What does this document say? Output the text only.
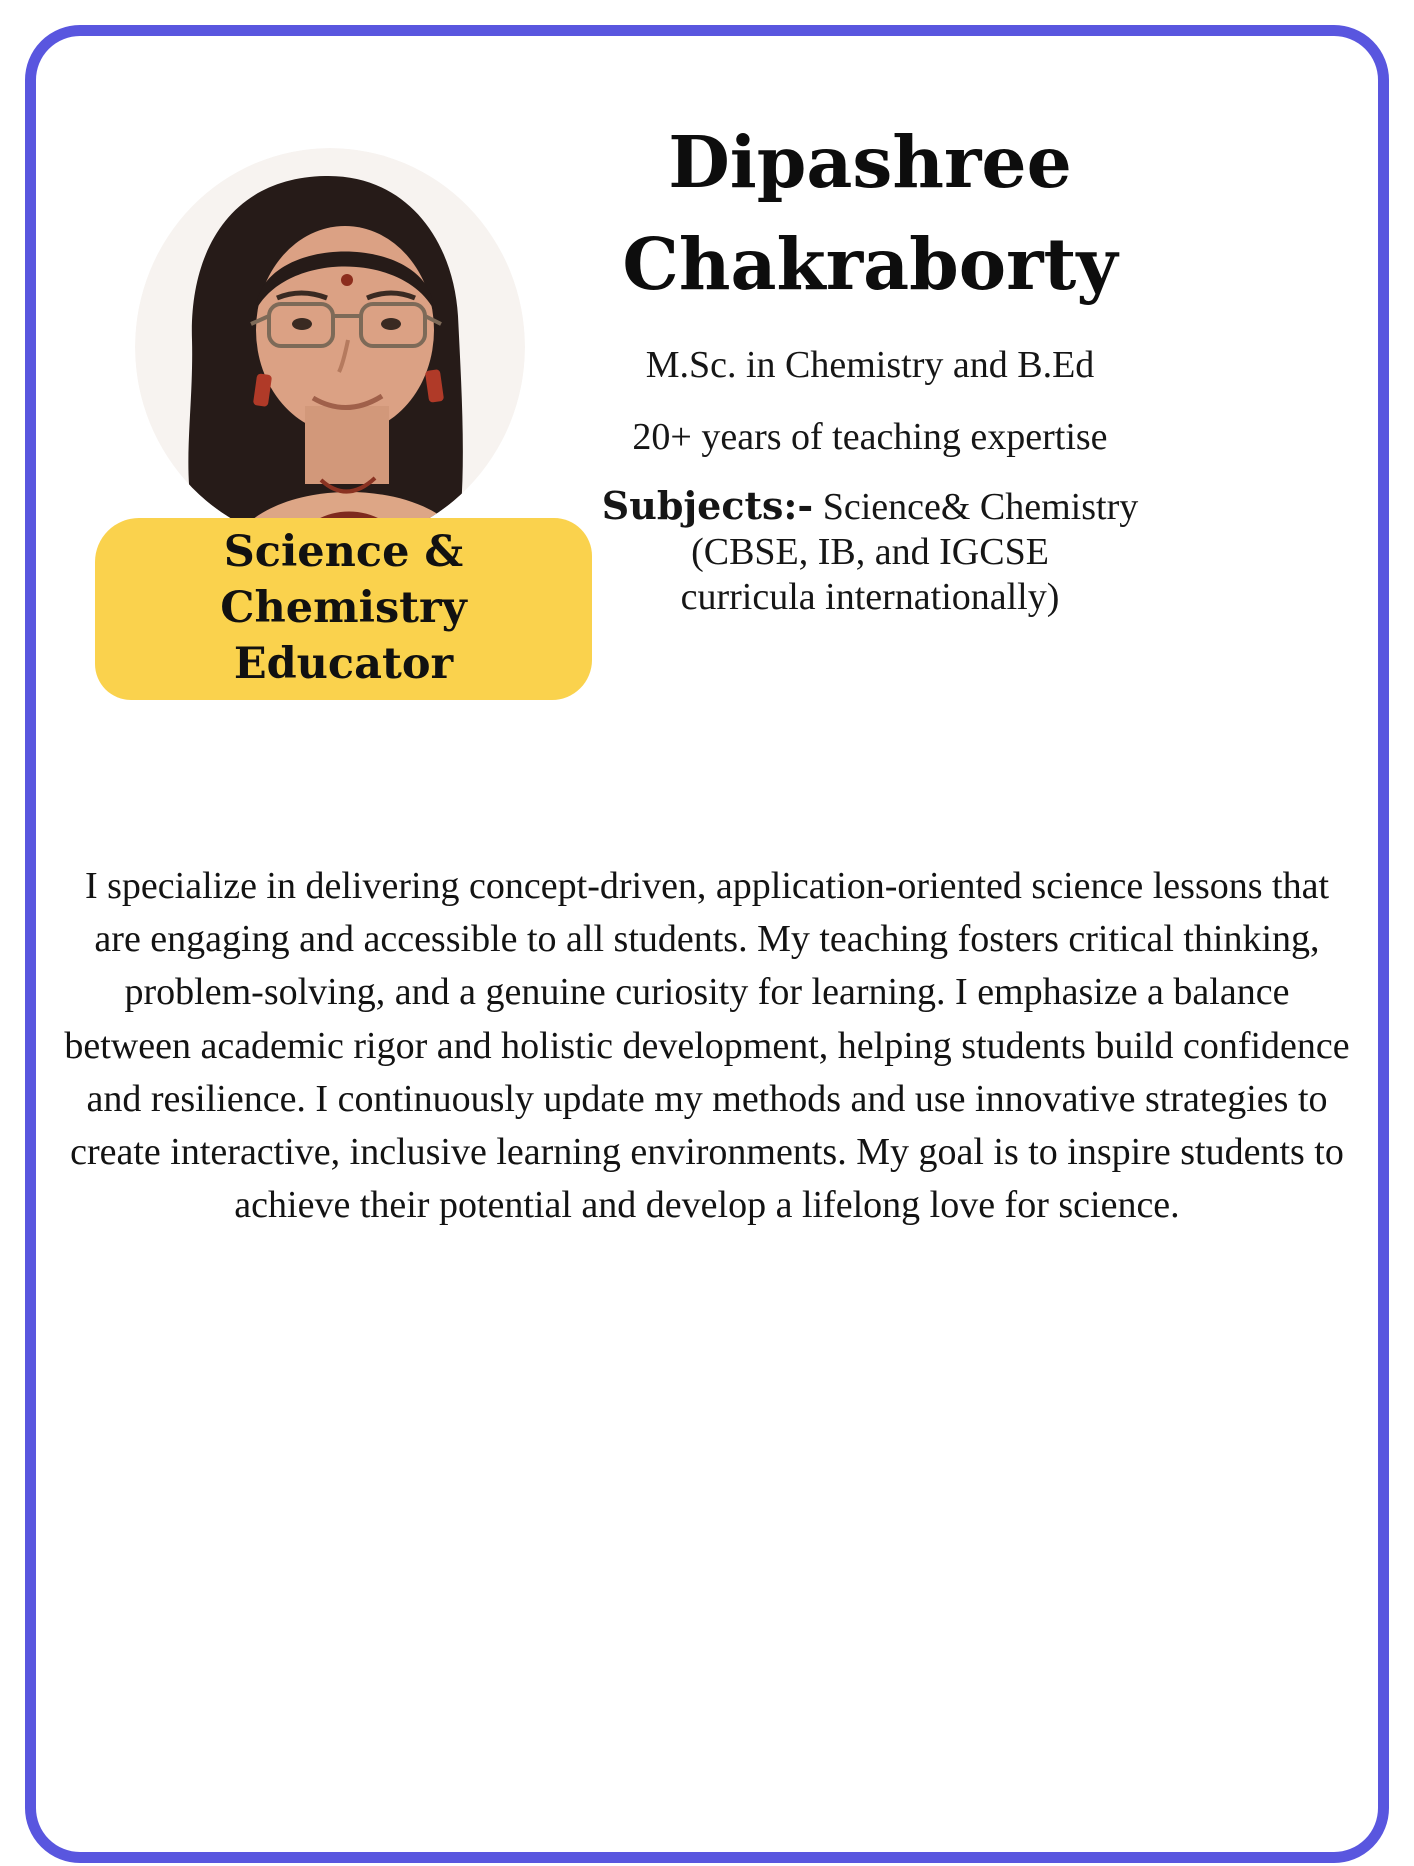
Science & Chemistry
Educator
Dipashree
Chakraborty
M.Sc. in Chemistry and B.Ed
20+ years of teaching expertise
Subjects:- Science& Chemistry
(CBSE, IB, and IGCSE
curricula internationally)

I specialize in delivering concept-driven, application-oriented science lessons that are engaging and accessible to all students. My teaching fosters critical thinking, problem-solving, and a genuine curiosity for learning. I emphasize a balance between academic rigor and holistic development, helping students build confidence and resilience. I continuously update my methods and use innovative strategies to create interactive, inclusive learning environments. My goal is to inspire students to achieve their potential and develop a lifelong love for science.
